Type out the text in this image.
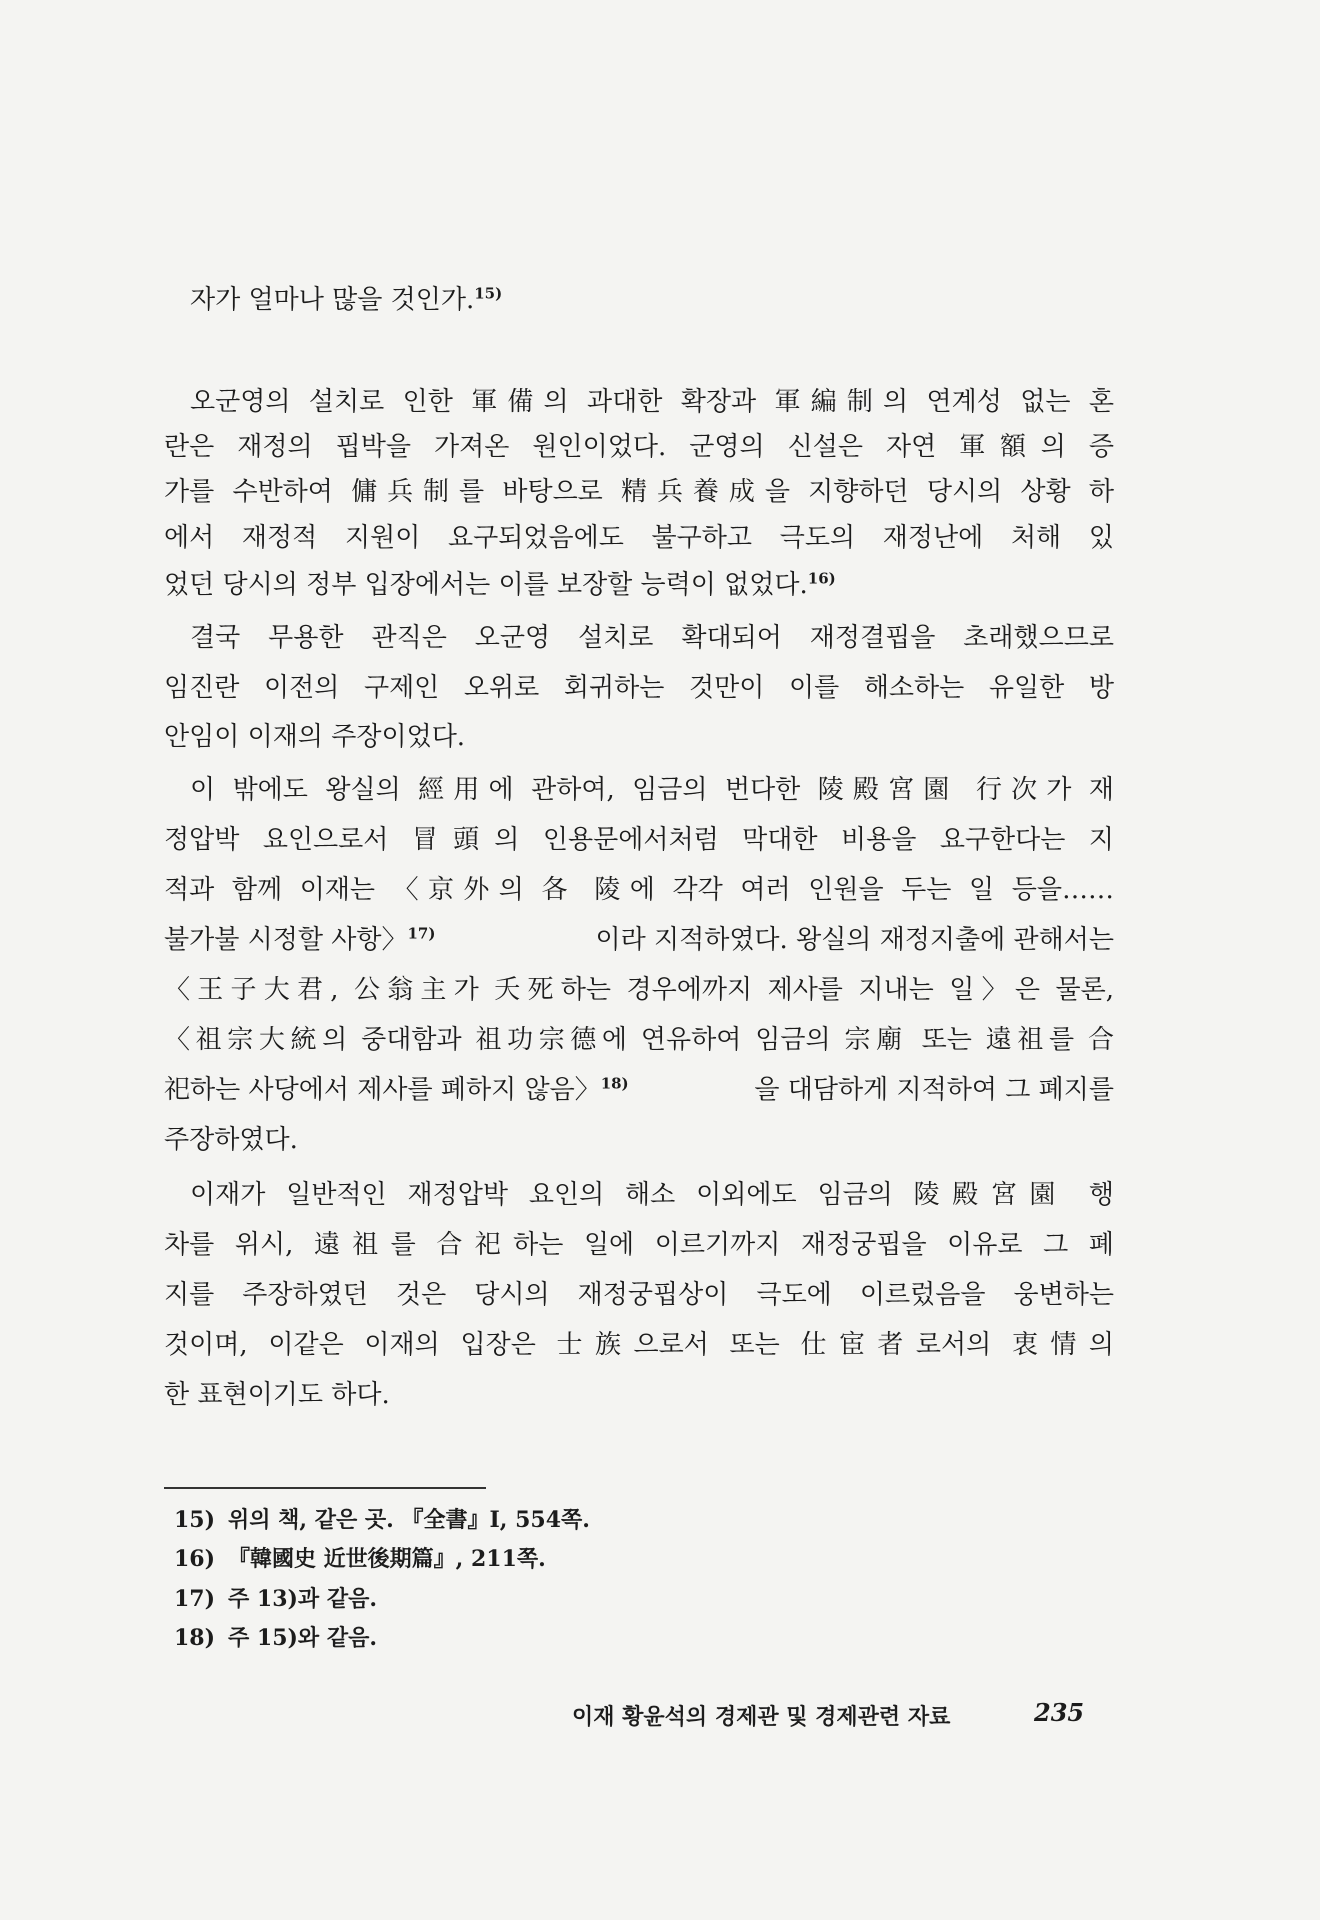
자가 얼마나 많을 것인가.$^{15)}$
오군영의 설치로 인한 軍備의 과대한 확장과 軍編制의 연계성 없는 혼
란은 재정의 핍박을 가져온 원인이었다. 군영의 신설은 자연 軍額의 증
가를 수반하여 傭兵制를 바탕으로 精兵養成을 지향하던 당시의 상황 하
에서 재정적 지원이 요구되었음에도 불구하고 극도의 재정난에 처해 있
었던 당시의 정부 입장에서는 이를 보장할 능력이 없었다.$^{16)}$
결국 무용한 관직은 오군영 설치로 확대되어 재정결핍을 초래했으므로
임진란 이전의 구제인 오위로 회귀하는 것만이 이를 해소하는 유일한 방
안임이 이재의 주장이었다.
이 밖에도 왕실의 經用에 관하여, 임금의 번다한 陵殿宮園 行次가 재
정압박 요인으로서 冒頭의 인용문에서처럼 막대한 비용을 요구한다는 지
적과 함께 이재는 〈京外의 各 陵에 각각 여러 인원을 두는 일 등을……
불가불 시정할 사항〉$^{17)}$	이라 지적하였다. 왕실의 재정지출에 관해서는
〈王子大君, 公翁主가 夭死하는 경우에까지 제사를 지내는 일〉은 물론,
〈祖宗大統의 중대함과 祖功宗德에 연유하여 임금의 宗廟 또는 遠祖를 合
祀하는 사당에서 제사를 폐하지 않음〉$^{18)}$	을 대담하게 지적하여 그 폐지를
주장하였다.
이재가 일반적인 재정압박 요인의 해소 이외에도 임금의 陵殿宮園 행
차를 위시, 遠祖를 合祀하는 일에 이르기까지 재정궁핍을 이유로 그 폐
지를 주장하였던 것은 당시의 재정궁핍상이 극도에 이르렀음을 웅변하는
것이며, 이같은 이재의 입장은 士族으로서 또는 仕宦者로서의 衷情의
한 표현이기도 하다.
15) 위의 책, 같은 곳. 『全書』Ⅰ, 554쪽.
16) 『韓國史 近世後期篇』, 211쪽.
17) 주 13)과 같음.
18) 주 15)와 같음.
이재 황윤석의 경제관 및 경제관련 자료	235
